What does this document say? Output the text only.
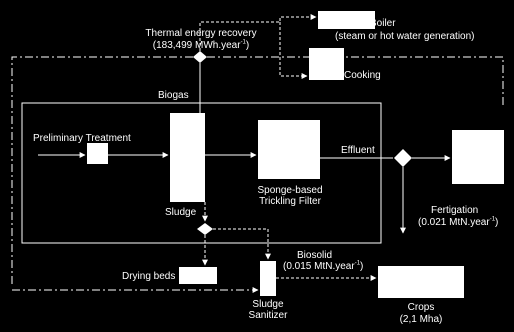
Thermal energy recovery
(183,499 MWh.year$^{-1}$)
Boiler
(steam or hot water generation)
Cooking
Biogas
Preliminary Treatment
Effluent
Sponge-based
Trickling Filter
Sludge	Fertigation
(0.021 MtN.year$^{-1}$)
Biosolid
(0.015 MtN.year$^{-1}$)
Drying beds
Sludge
Sanitizer
Crops
(2,1 Mha)
